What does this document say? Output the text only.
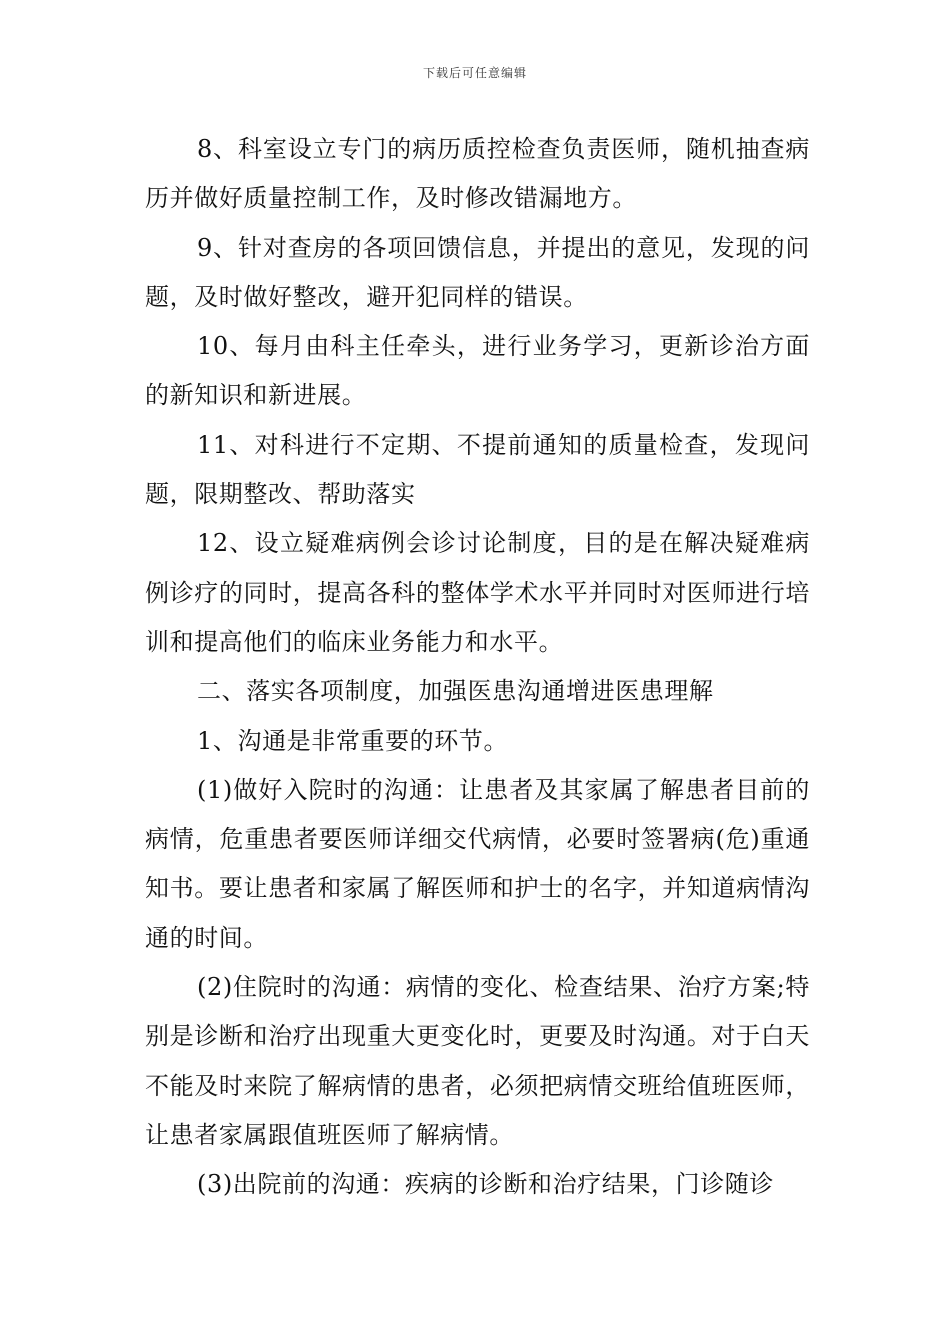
下载后可任意编辑

8、科室设立专门的病历质控检查负责医师，随机抽查病历并做好质量控制工作，及时修改错漏地方。

9、针对查房的各项回馈信息，并提出的意见，发现的问题，及时做好整改，避开犯同样的错误。

10、每月由科主任牵头，进行业务学习，更新诊治方面的新知识和新进展。

11、对科进行不定期、不提前通知的质量检查，发现问题，限期整改、帮助落实

12、设立疑难病例会诊讨论制度，目的是在解决疑难病例诊疗的同时，提高各科的整体学术水平并同时对医师进行培训和提高他们的临床业务能力和水平。

二、落实各项制度，加强医患沟通增进医患理解

1、沟通是非常重要的环节。

(1)做好入院时的沟通：让患者及其家属了解患者目前的病情，危重患者要医师详细交代病情，必要时签署病(危)重通知书。要让患者和家属了解医师和护士的名字，并知道病情沟通的时间。

(2)住院时的沟通：病情的变化、检查结果、治疗方案;特别是诊断和治疗出现重大更变化时，更要及时沟通。对于白天不能及时来院了解病情的患者，必须把病情交班给值班医师，让患者家属跟值班医师了解病情。

(3)出院前的沟通：疾病的诊断和治疗结果，门诊随诊
